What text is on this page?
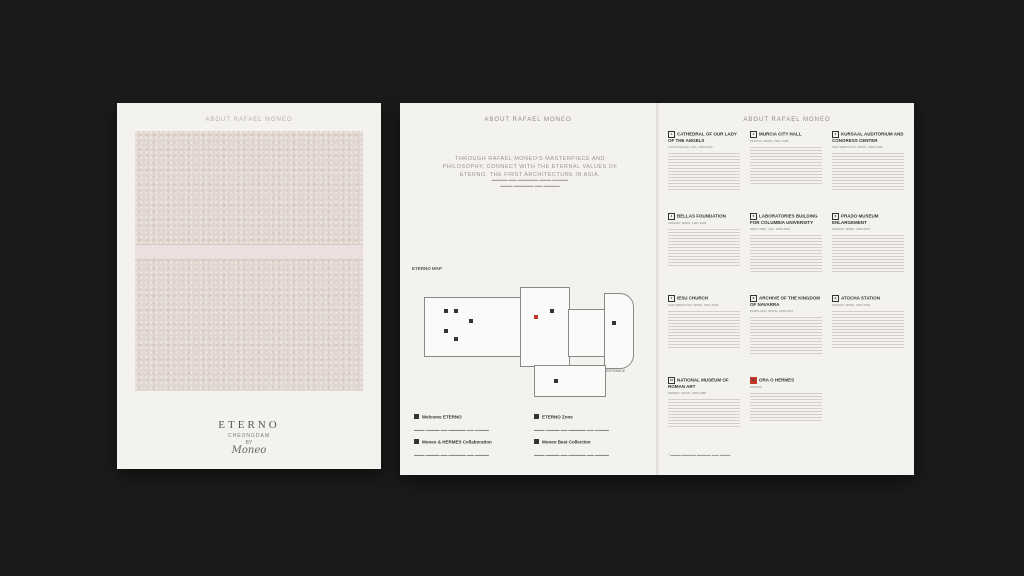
ABOUT RAFAEL MONEO
ETERNO
CHEONGDAM
BY
Moneo
ABOUT RAFAEL MONEO
THROUGH RAFAEL MONEO'S MASTERPIECE AND PHILOSOPHY, CONNECT WITH THE ETERNAL VALUES OF ETERNO, THE FIRST ARCHITECTURE IN ASIA.
▬▬▬▬ ▬▬ ▬▬▬▬▬ ▬▬▬ ▬▬▬▬
▬▬▬ ▬▬▬▬▬ ▬▬ ▬▬▬▬
ETERNO MAP
ENTRANCE
Welcome ETERNO
▬▬▬ ▬▬▬▬ ▬▬ ▬▬▬▬▬ ▬▬ ▬▬▬▬
ETERNO Zone
▬▬▬ ▬▬▬▬ ▬▬ ▬▬▬▬▬ ▬▬ ▬▬▬▬
Moneo & HERMES Collaboration
▬▬▬ ▬▬▬▬ ▬▬ ▬▬▬▬▬ ▬▬ ▬▬▬▬
Moneo Best Collection
▬▬▬ ▬▬▬▬ ▬▬ ▬▬▬▬▬ ▬▬ ▬▬▬▬
ABOUT RAFAEL MONEO
1 CATHEDRAL OF OUR LADY OF THE ANGELS
LOS ANGELES, USA, 1996-2002
2 MURCIA CITY HALL
MURCIA, SPAIN, 1991-1998
3 KURSAAL AUDITORIUM AND CONGRESS CENTER
SAN SEBASTIAN, SPAIN, 1990-1999
4 BELLAS FOUNDATION
MADRID, SPAIN, 1987-1992
5 LABORATORIES BUILDING FOR COLUMBIA UNIVERSITY
NEW YORK, USA, 2005-2010
6 PRADO MUSEUM ENLARGEMENT
MADRID, SPAIN, 1998-2007
7 IESU CHURCH
SAN SEBASTIAN, SPAIN, 2001-2009
8 ARCHIVE OF THE KINGDOM OF NAVARRA
PAMPLONA, SPAIN, 1995-2003
9 ATOCHA STATION
MADRID, SPAIN, 1984-1992
10 NATIONAL MUSEUM OF ROMAN ART
MERIDA, SPAIN, 1980-1986
11 ORA O HERMES
MADRID
* ▬▬▬ ▬▬▬▬ ▬▬▬▬ ▬▬ ▬▬▬
